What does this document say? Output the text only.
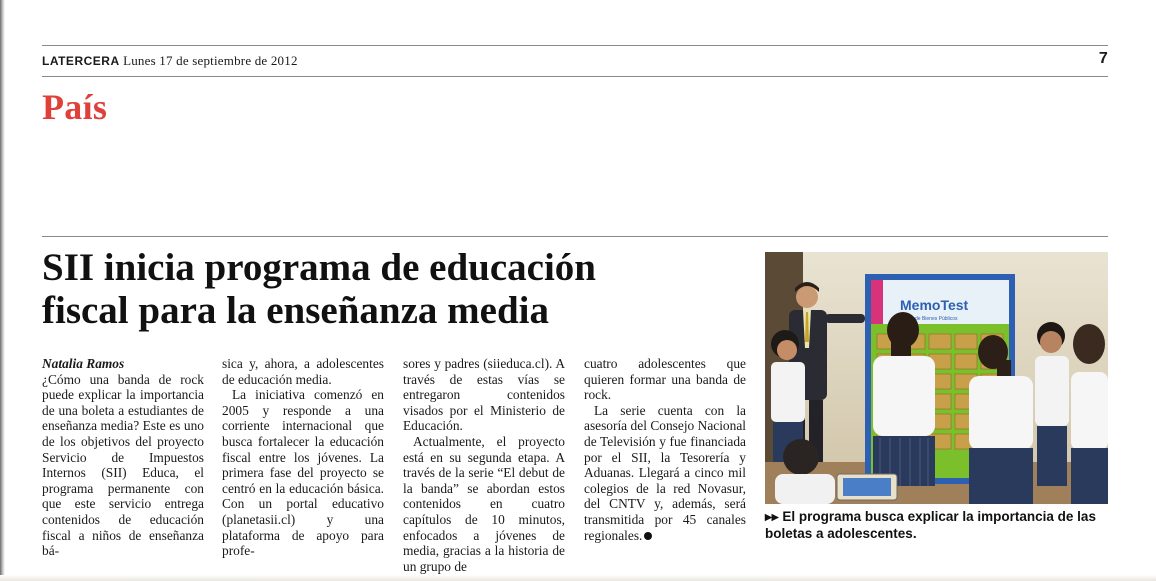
LATERCERA Lunes 17 de septiembre de 2012	7
País
SII inicia programa de educación
fiscal para la enseñanza media
Natalia Ramos

¿Cómo una banda de rock puede explicar la importancia de una boleta a estudiantes de enseñanza media? Este es uno de los objetivos del proyecto Servicio de Impuestos Internos (SII) Educa, el programa permanente con que este servicio entrega contenidos de educación fiscal a niños de enseñanza bá-

sica y, ahora, a adolescentes de educación media.

La iniciativa comenzó en 2005 y responde a una corriente internacional que busca fortalecer la educación fiscal entre los jóvenes. La primera fase del proyecto se centró en la educación básica. Con un portal educativo (planetasii.cl) y una plataforma de apoyo para profe-

sores y padres (siieduca.cl). A través de estas vías se entregaron contenidos visados por el Ministerio de Educación.

Actualmente, el proyecto está en su segunda etapa. A través de la serie “El debut de la banda” se abordan estos contenidos en cuatro capítulos de 10 minutos, enfocados a jóvenes de media, gracias a la historia de un grupo de

cuatro adolescentes que quieren formar una banda de rock.

La serie cuenta con la asesoría del Consejo Nacional de Televisión y fue financiada por el SII, la Tesorería y Aduanas. Llegará a cinco mil colegios de la red Novasur, del CNTV y, además, será transmitida por 45 canales regionales.

MemoTest
de Bienes Públicos
▸▸ El programa busca explicar la importancia de las boletas a adolescentes.
